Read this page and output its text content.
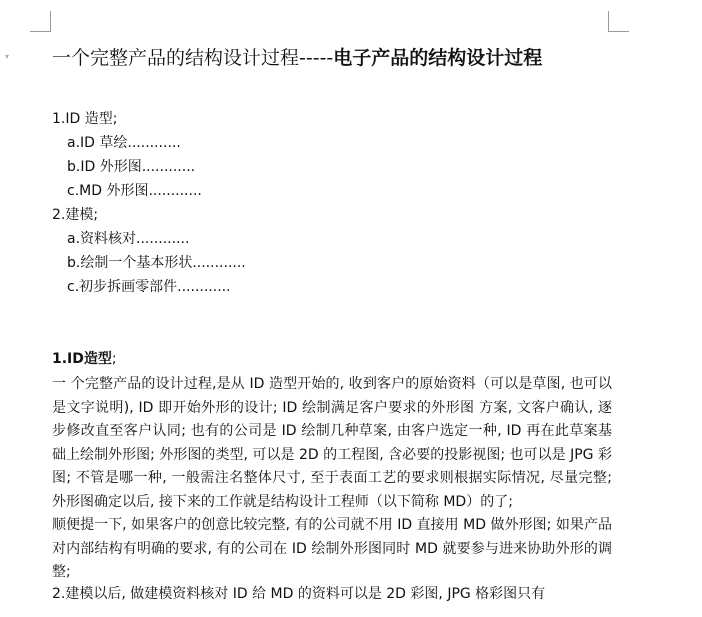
▾ 一个完整产品的结构设计过程-----电子产品的结构设计过程
1.ID 造型;
a.ID 草绘............
b.ID 外形图............
c.MD 外形图............
2.建模;
a.资料核对............
b.绘制一个基本形状............
c.初步拆画零部件............
1.ID造型;
一 个完整产品的设计过程,是从 ID 造型开始的, 收到客户的原始资料（可以是草图, 也可以是文字说明), ID 即开始外形的设计; ID 绘制满足客户要求的外形图 方案, 文客户确认, 逐步修改直至客户认同; 也有的公司是 ID 绘制几种草案, 由客户选定一种, ID 再在此草案基础上绘制外形图; 外形图的类型, 可以是 2D 的工程图, 含必要的投影视图; 也可以是 JPG 彩图; 不管是哪一种, 一般需注名整体尺寸, 至于表面工艺的要求则根据实际情况, 尽量完整; 外形图确定以后, 接下来的工作就是结构设计工程师（以下简称 MD）的了;
顺便提一下, 如果客户的创意比较完整, 有的公司就不用 ID 直接用 MD 做外形图; 如果产品对内部结构有明确的要求, 有的公司在 ID 绘制外形图同时 MD 就要参与进来协助外形的调整;
2.建模以后, 做建模资料核对 ID 给 MD 的资料可以是 2D 彩图, JPG 格彩图只有
